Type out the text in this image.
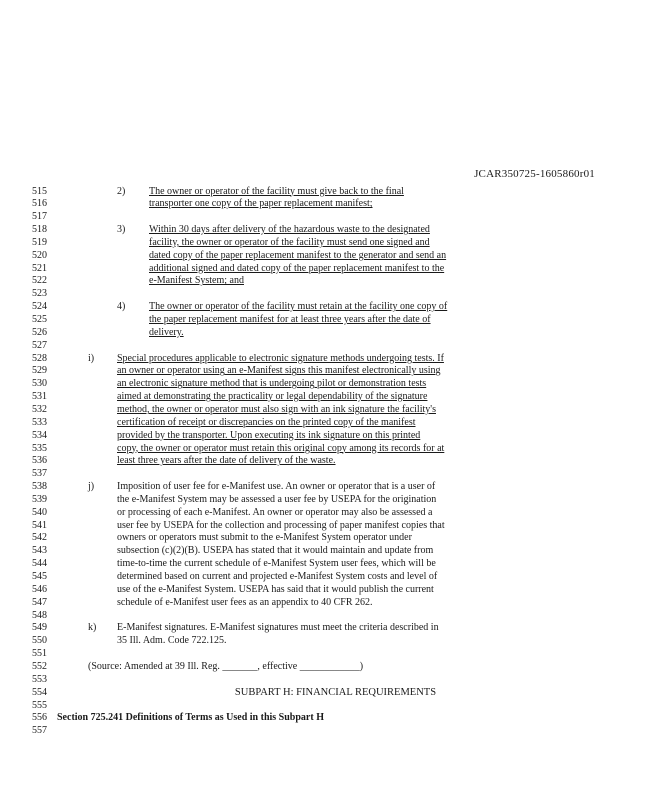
JCAR350725-1605860r01
515
516
517
518
519
520
521
522
523
524
525
526
527
528
529
530
531
532
533
534
535
536
537
538
539
540
541
542
543
544
545
546
547
548
549
550
551
552
553
554
555
556
557
2) The owner or operator of the facility must give back to the final
transporter one copy of the paper replacement manifest;
3) Within 30 days after delivery of the hazardous waste to the designated
facility, the owner or operator of the facility must send one signed and
dated copy of the paper replacement manifest to the generator and send an
additional signed and dated copy of the paper replacement manifest to the
e-Manifest System; and
4) The owner or operator of the facility must retain at the facility one copy of
the paper replacement manifest for at least three years after the date of
delivery.
i) Special procedures applicable to electronic signature methods undergoing tests. If
an owner or operator using an e-Manifest signs this manifest electronically using
an electronic signature method that is undergoing pilot or demonstration tests
aimed at demonstrating the practicality or legal dependability of the signature
method, the owner or operator must also sign with an ink signature the facility's
certification of receipt or discrepancies on the printed copy of the manifest
provided by the transporter. Upon executing its ink signature on this printed
copy, the owner or operator must retain this original copy among its records for at
least three years after the date of delivery of the waste.
j) Imposition of user fee for e-Manifest use. An owner or operator that is a user of
the e-Manifest System may be assessed a user fee by USEPA for the origination
or processing of each e-Manifest. An owner or operator may also be assessed a
user fee by USEPA for the collection and processing of paper manifest copies that
owners or operators must submit to the e-Manifest System operator under
subsection (c)(2)(B). USEPA has stated that it would maintain and update from
time-to-time the current schedule of e-Manifest System user fees, which will be
determined based on current and projected e-Manifest System costs and level of
use of the e-Manifest System. USEPA has said that it would publish the current
schedule of e-Manifest user fees as an appendix to 40 CFR 262.
k) E-Manifest signatures. E-Manifest signatures must meet the criteria described in
35 Ill. Adm. Code 722.125.
(Source: Amended at 39 Ill. Reg. _______, effective ____________)
SUBPART H: FINANCIAL REQUIREMENTS
Section 725.241 Definitions of Terms as Used in this Subpart H
